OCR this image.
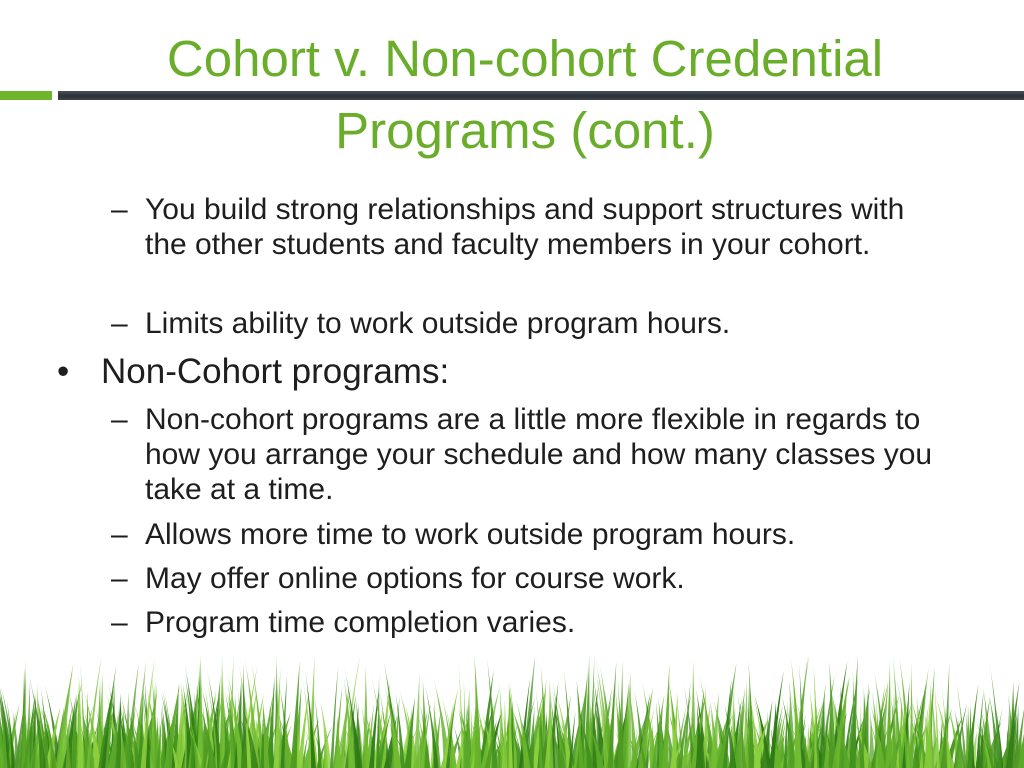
Cohort v. Non-cohort Credential
Programs (cont.)
– You build strong relationships and support structures with the other students and faculty members in your cohort.
– Limits ability to work outside program hours.
• Non-Cohort programs:
– Non-cohort programs are a little more flexible in regards to how you arrange your schedule and how many classes you take at a time.
– Allows more time to work outside program hours.
– May offer online options for course work.
– Program time completion varies.
